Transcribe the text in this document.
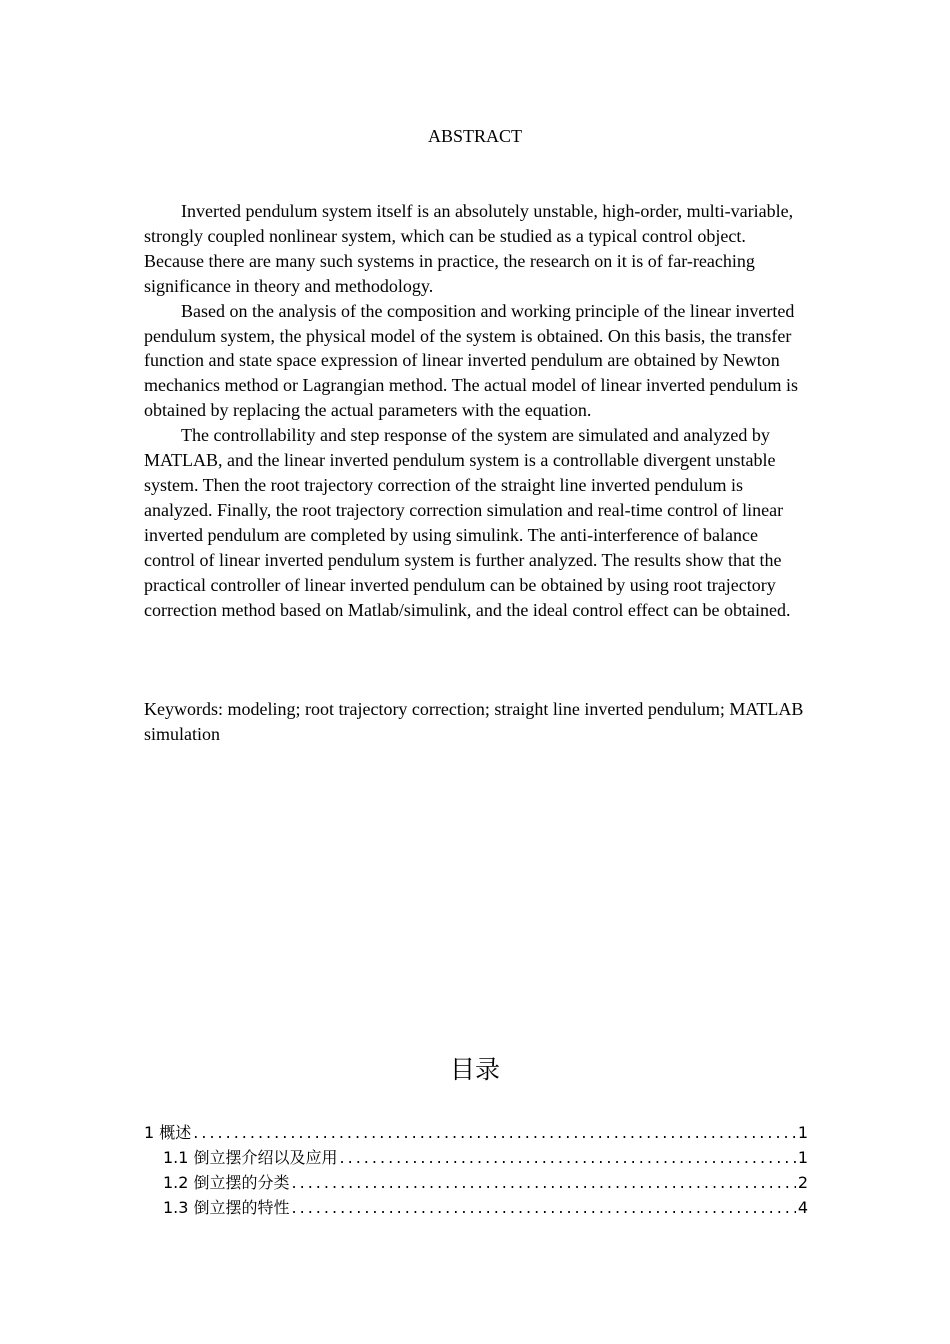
ABSTRACT

Inverted pendulum system itself is an absolutely unstable, high-order, multi-variable, strongly coupled nonlinear system, which can be studied as a typical control object. Because there are many such systems in practice, the research on it is of far-reaching significance in theory and methodology.

Based on the analysis of the composition and working principle of the linear inverted pendulum system, the physical model of the system is obtained. On this basis, the transfer function and state space expression of linear inverted pendulum are obtained by Newton mechanics method or Lagrangian method. The actual model of linear inverted pendulum is obtained by replacing the actual parameters with the equation.

The controllability and step response of the system are simulated and analyzed by MATLAB, and the linear inverted pendulum system is a controllable divergent unstable system. Then the root trajectory correction of the straight line inverted pendulum is analyzed. Finally, the root trajectory correction simulation and real-time control of linear inverted pendulum are completed by using simulink. The anti-interference of balance control of linear inverted pendulum system is further analyzed. The results show that the practical controller of linear inverted pendulum can be obtained by using root trajectory correction method based on Matlab/simulink, and the ideal control effect can be obtained.

Keywords: modeling; root trajectory correction; straight line inverted pendulum; MATLAB simulation
目录
1 概述 .....	1
1.1 倒立摆介绍以及应用 .....	1
1.2 倒立摆的分类 .....	2
1.3 倒立摆的特性 .....	4
